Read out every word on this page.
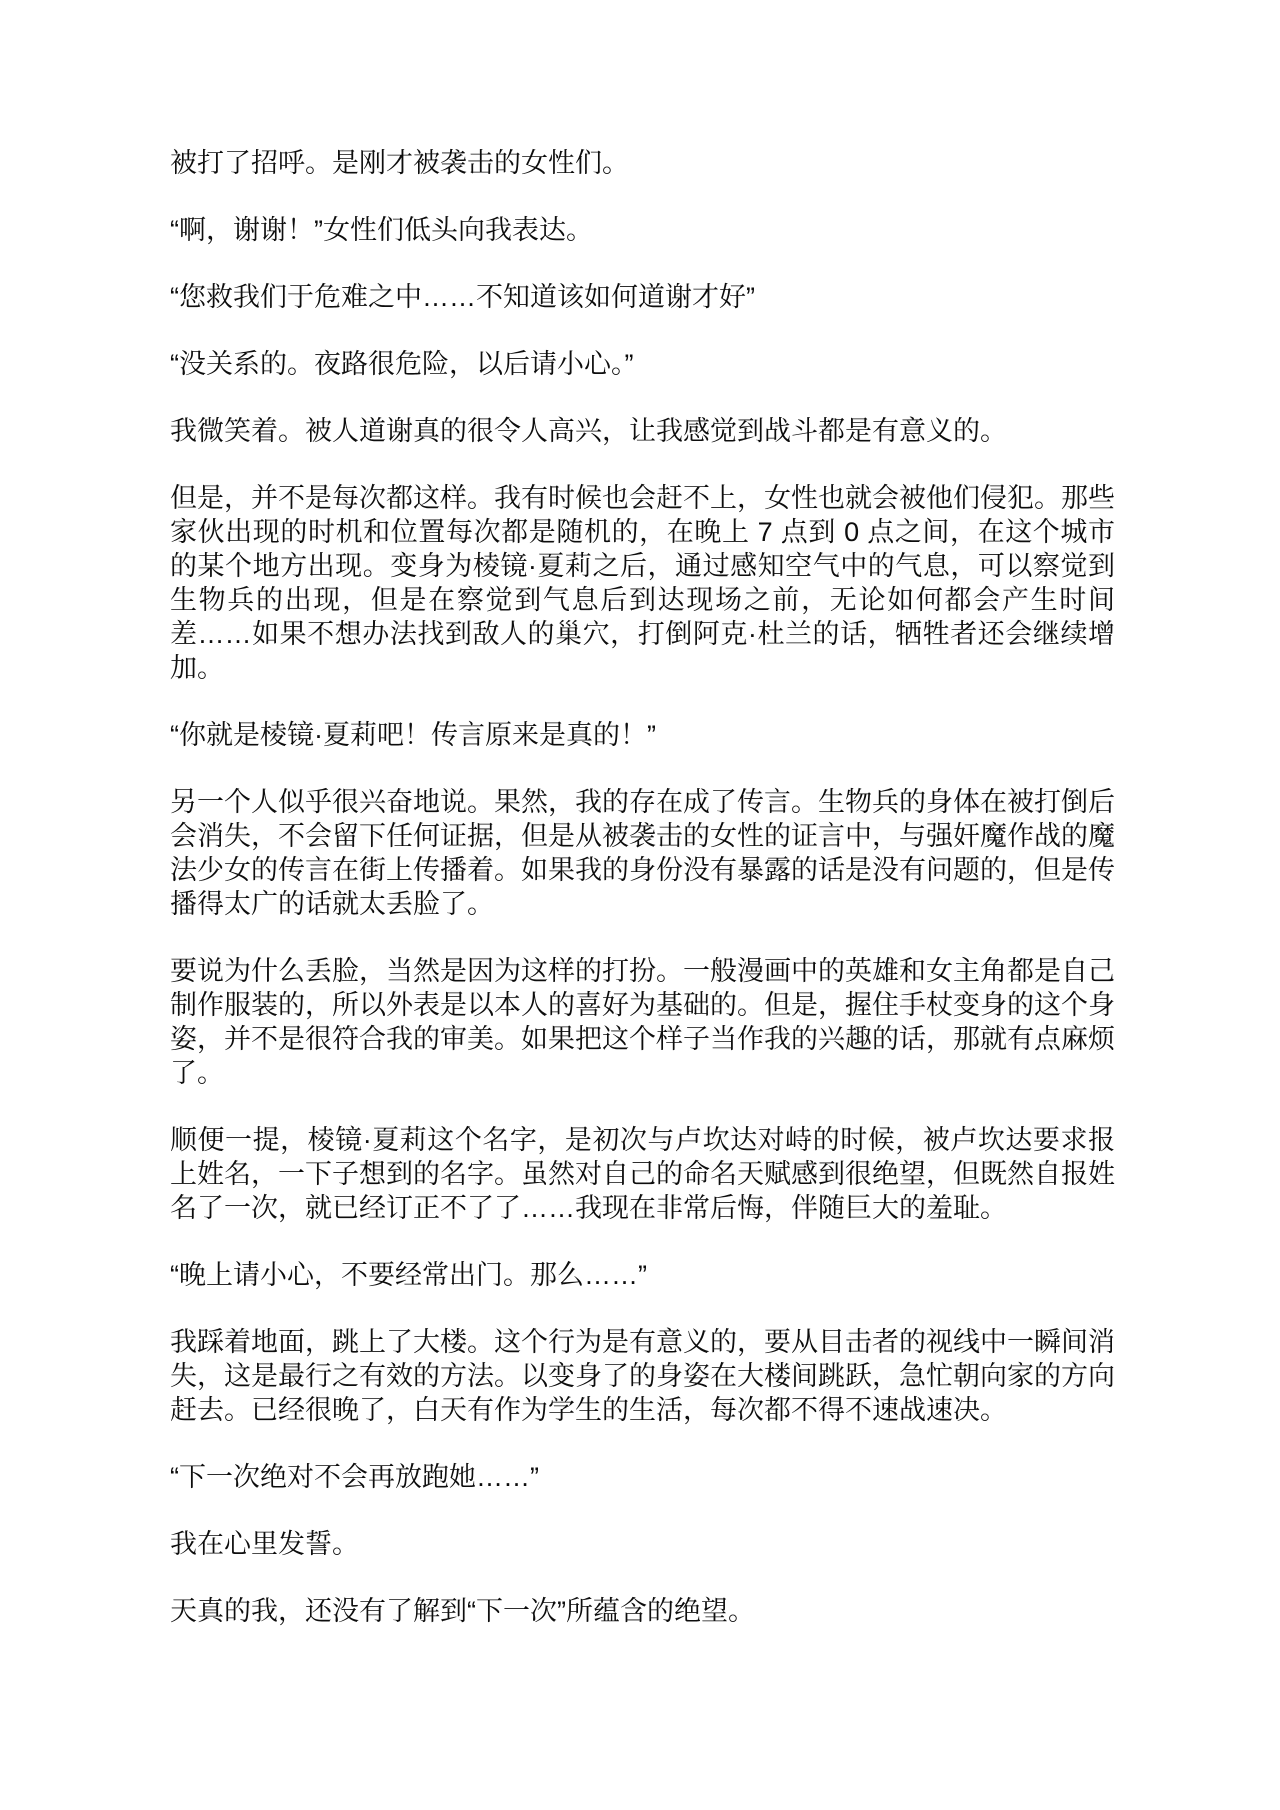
被打了招呼。是刚才被袭击的女性们。

“啊，谢谢！”女性们低头向我表达。

“您救我们于危难之中……不知道该如何道谢才好”

“没关系的。夜路很危险，以后请小心。”

我微笑着。被人道谢真的很令人高兴，让我感觉到战斗都是有意义的。

但是，并不是每次都这样。我有时候也会赶不上，女性也就会被他们侵犯。那些家伙出现的时机和位置每次都是随机的，在晚上 7 点到 0 点之间，在这个城市的某个地方出现。变身为棱镜·夏莉之后，通过感知空气中的气息，可以察觉到生物兵的出现，但是在察觉到气息后到达现场之前，无论如何都会产生时间差……如果不想办法找到敌人的巢穴，打倒阿克·杜兰的话，牺牲者还会继续增加。

“你就是棱镜·夏莉吧！传言原来是真的！”

另一个人似乎很兴奋地说。果然，我的存在成了传言。生物兵的身体在被打倒后会消失，不会留下任何证据，但是从被袭击的女性的证言中，与强奸魔作战的魔法少女的传言在街上传播着。如果我的身份没有暴露的话是没有问题的，但是传播得太广的话就太丢脸了。

要说为什么丢脸，当然是因为这样的打扮。一般漫画中的英雄和女主角都是自己制作服装的，所以外表是以本人的喜好为基础的。但是，握住手杖变身的这个身姿，并不是很符合我的审美。如果把这个样子当作我的兴趣的话，那就有点麻烦了。

顺便一提，棱镜·夏莉这个名字，是初次与卢坎达对峙的时候，被卢坎达要求报上姓名，一下子想到的名字。虽然对自己的命名天赋感到很绝望，但既然自报姓名了一次，就已经订正不了了……我现在非常后悔，伴随巨大的羞耻。

“晚上请小心，不要经常出门。那么……”

我踩着地面，跳上了大楼。这个行为是有意义的，要从目击者的视线中一瞬间消失，这是最行之有效的方法。以变身了的身姿在大楼间跳跃，急忙朝向家的方向赶去。已经很晚了，白天有作为学生的生活，每次都不得不速战速决。

“下一次绝对不会再放跑她……”

我在心里发誓。

天真的我，还没有了解到“下一次”所蕴含的绝望。
